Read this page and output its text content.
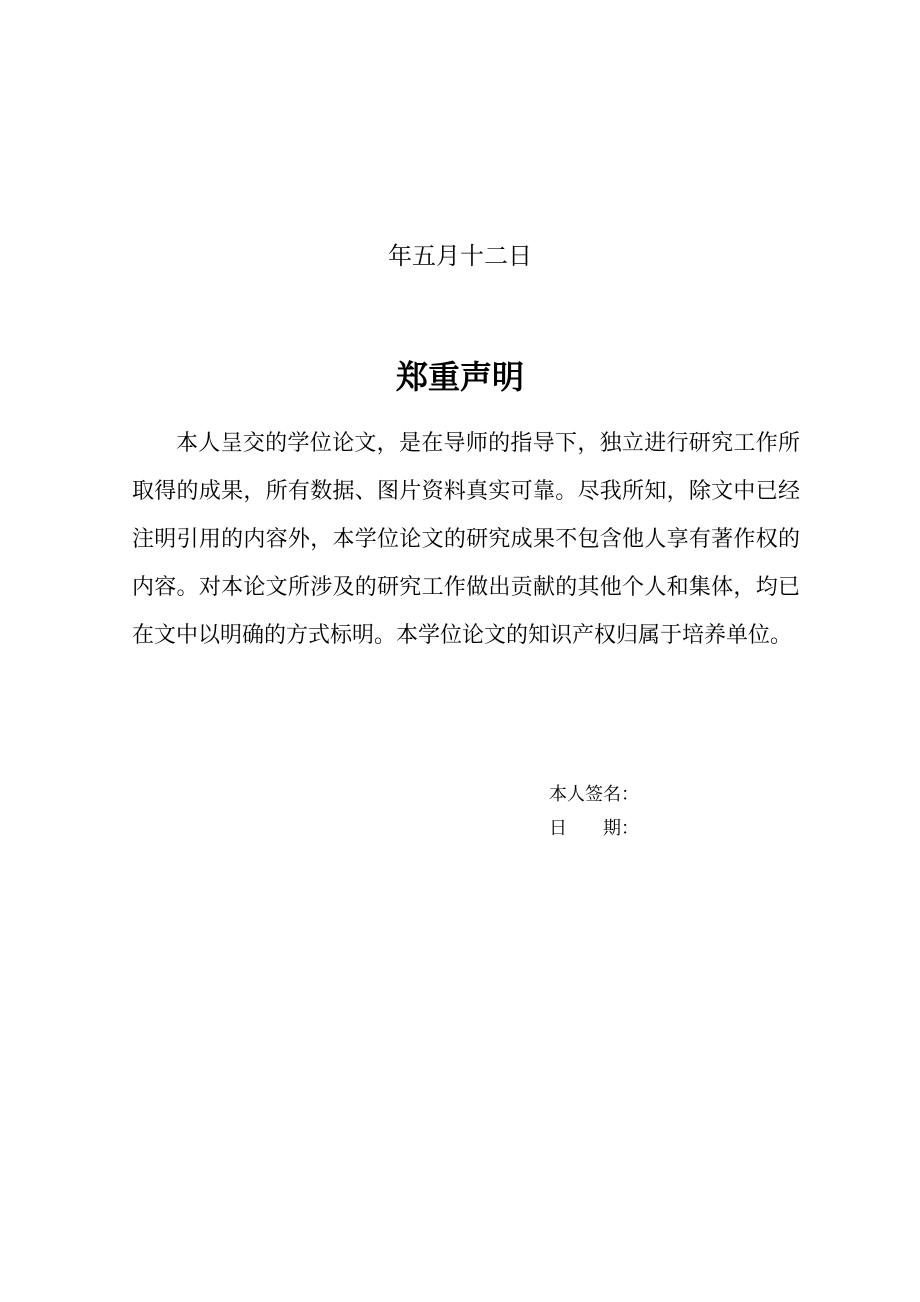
年五月十二日
郑重声明

本人呈交的学位论文，是在导师的指导下，独立进行研究工作所取得的成果，所有数据、图片资料真实可靠。尽我所知，除文中已经注明引用的内容外，本学位论文的研究成果不包含他人享有著作权的内容。对本论文所涉及的研究工作做出贡献的其他个人和集体，均已在文中以明确的方式标明。本学位论文的知识产权归属于培养单位。

本人签名：
日　　期：
